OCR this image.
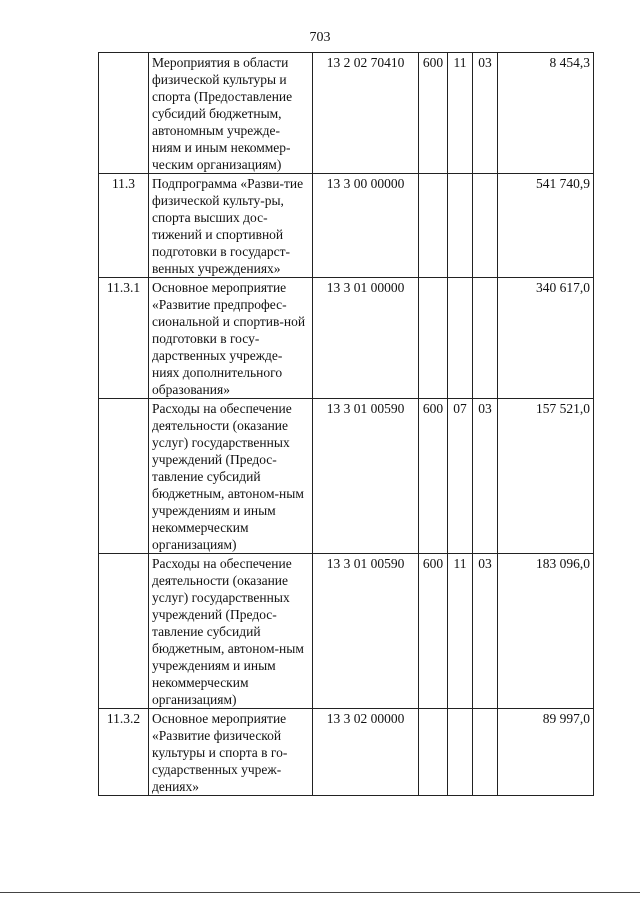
703
	Мероприятия в области физической культуры и спорта (Предоставление субсидий бюджетным, автономным учрежде-ниям и иным некоммер-ческим организациям)	13 2 02 70410	600	11	03	8 454,3
11.3	Подпрограмма «Разви-тие физической культу-ры, спорта высших дос-тижений и спортивной подготовки в государст-венных учреждениях»	13 3 00 00000				541 740,9
11.3.1	Основное мероприятие «Развитие предпрофес-сиональной и спортив-ной подготовки в госу-дарственных учрежде-ниях дополнительного образования»	13 3 01 00000				340 617,0
	Расходы на обеспечение деятельности (оказание услуг) государственных учреждений (Предос-тавление субсидий бюджетным, автоном-ным учреждениям и иным некоммерческим организациям)	13 3 01 00590	600	07	03	157 521,0
	Расходы на обеспечение деятельности (оказание услуг) государственных учреждений (Предос-тавление субсидий бюджетным, автоном-ным учреждениям и иным некоммерческим организациям)	13 3 01 00590	600	11	03	183 096,0
11.3.2	Основное мероприятие «Развитие физической культуры и спорта в го-сударственных учреж-дениях»	13 3 02 00000				89 997,0
